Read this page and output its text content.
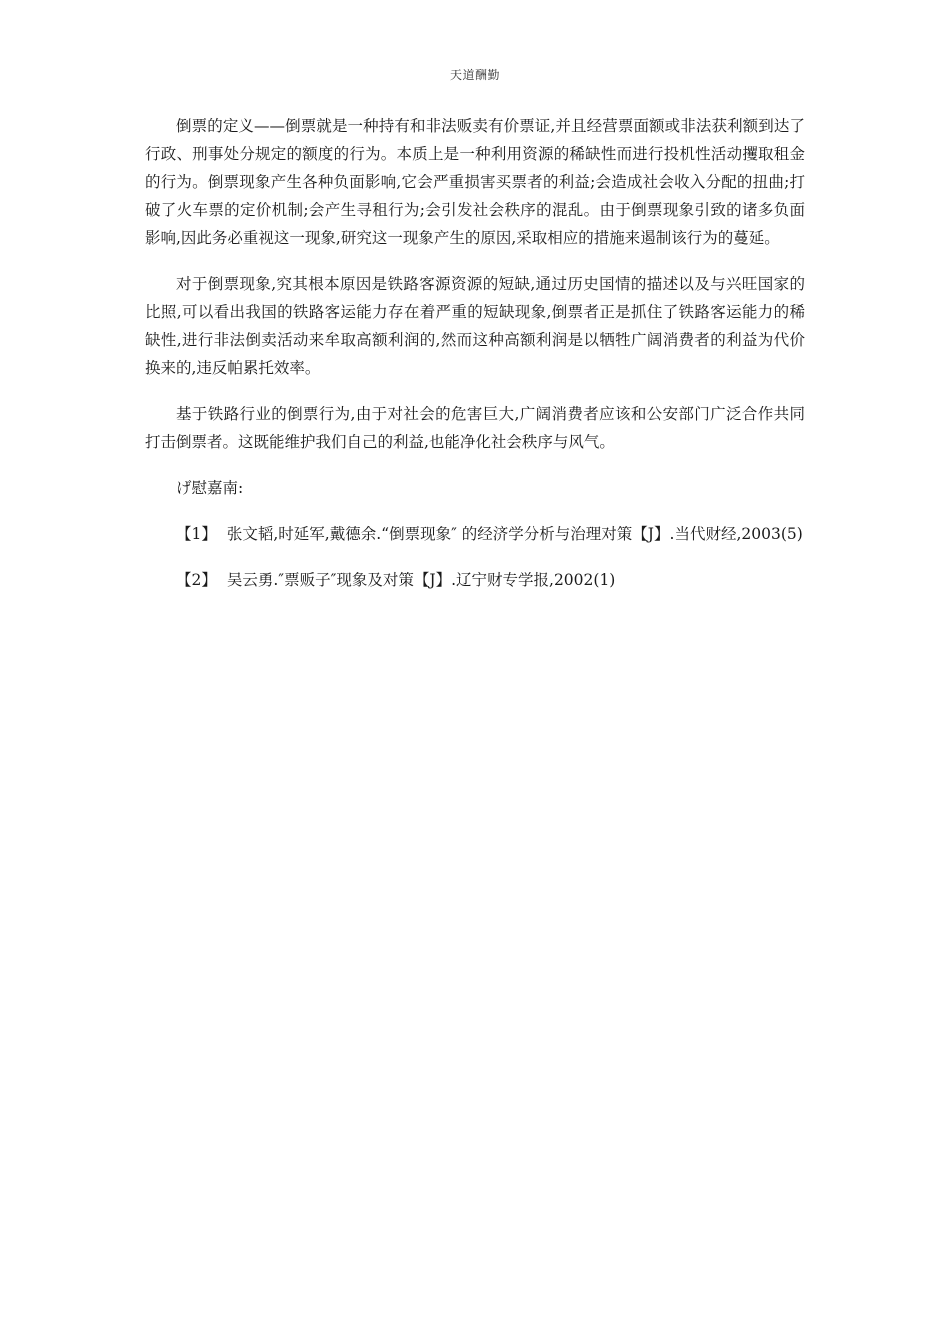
天道酬勤

倒票的定义——倒票就是一种持有和非法贩卖有价票证,并且经营票面额或非法获利额到达了行政、刑事处分规定的额度的行为。本质上是一种利用资源的稀缺性而进行投机性活动攫取租金的行为。倒票现象产生各种负面影响,它会严重损害买票者的利益;会造成社会收入分配的扭曲;打破了火车票的定价机制;会产生寻租行为;会引发社会秩序的混乱。由于倒票现象引致的诸多负面影响,因此务必重视这一现象,研究这一现象产生的原因,采取相应的措施来遏制该行为的蔓延。

对于倒票现象,究其根本原因是铁路客源资源的短缺,通过历史国情的描述以及与兴旺国家的比照,可以看出我国的铁路客运能力存在着严重的短缺现象,倒票者正是抓住了铁路客运能力的稀缺性,进行非法倒卖活动来牟取高额利润的,然而这种高额利润是以牺牲广阔消费者的利益为代价换来的,违反帕累托效率。

基于铁路行业的倒票行为,由于对社会的危害巨大,广阔消费者应该和公安部门广泛合作共同打击倒票者。这既能维护我们自己的利益,也能净化社会秩序与风气。

げ慰嘉南:

【1】 张文韬,时延军,戴德余.“倒票现象″ 的经济学分析与治理对策【J】.当代财经,2003(5)

【2】 吴云勇.″票贩子″现象及对策【J】.辽宁财专学报,2002(1)
